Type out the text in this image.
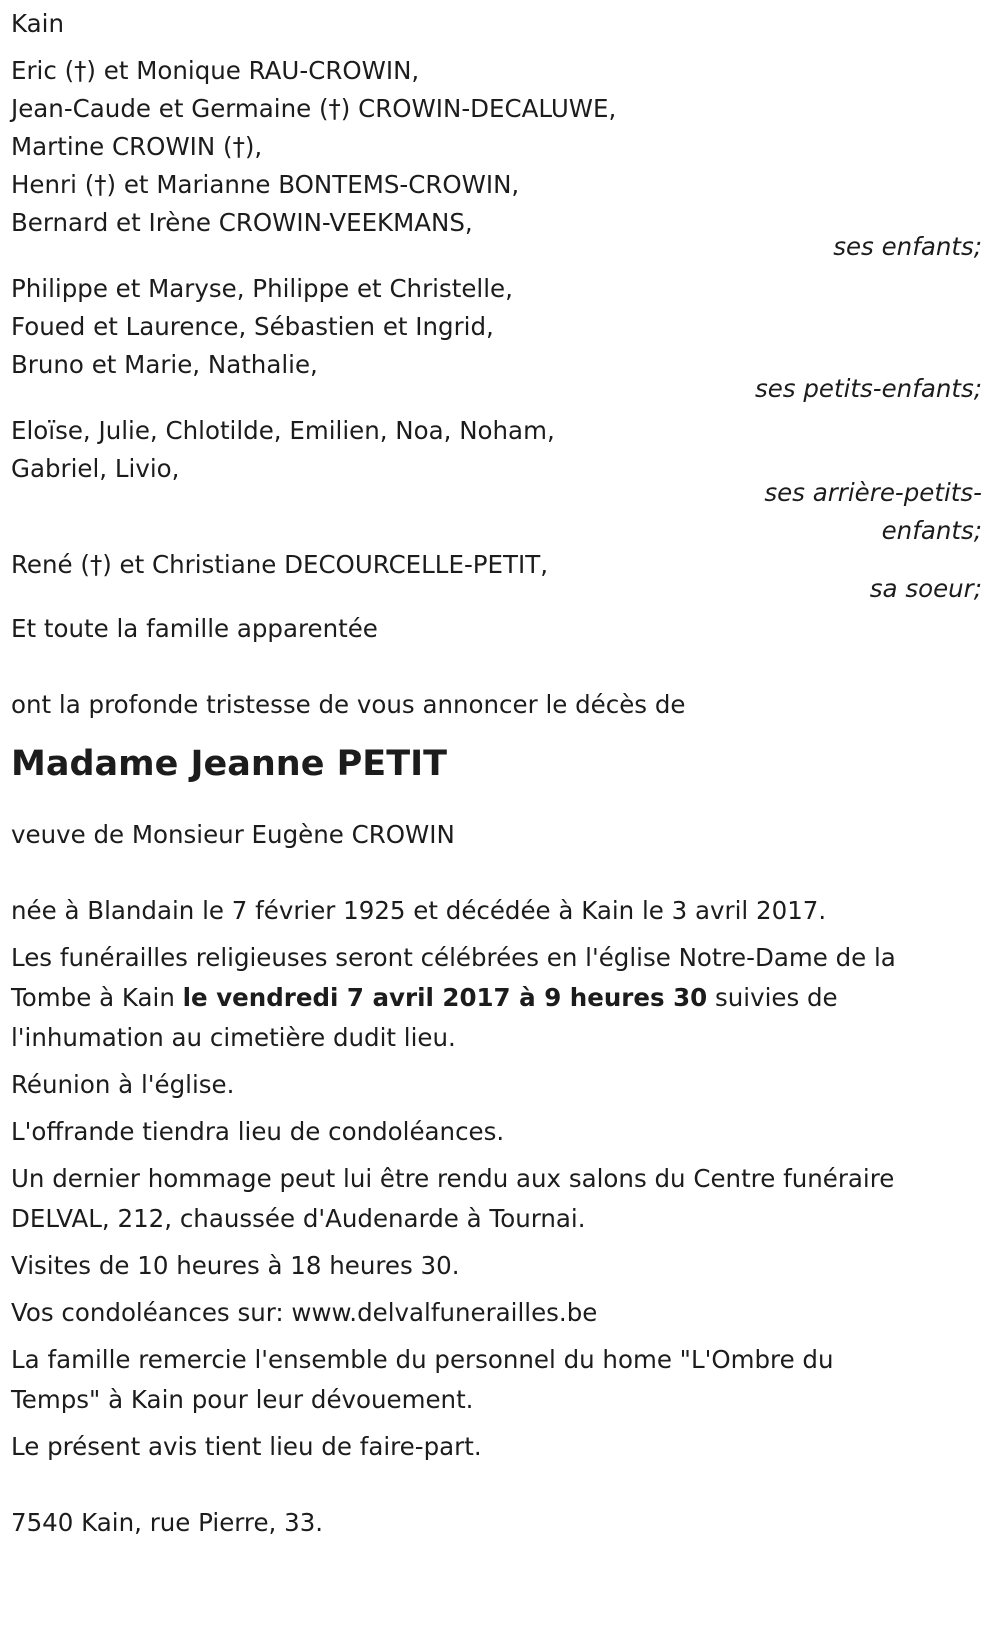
Kain
Eric (†) et Monique RAU-CROWIN,
Jean-Caude et Germaine (†) CROWIN-DECALUWE,
Martine CROWIN (†),
Henri (†) et Marianne BONTEMS-CROWIN,
Bernard et Irène CROWIN-VEEKMANS,
ses enfants;
Philippe et Maryse, Philippe et Christelle,
Foued et Laurence, Sébastien et Ingrid,
Bruno et Marie, Nathalie,
ses petits-enfants;
Eloïse, Julie, Chlotilde, Emilien, Noa, Noham,
Gabriel, Livio,
ses arrière-petits-
enfants;
René (†) et Christiane DECOURCELLE-PETIT,
sa soeur;
Et toute la famille apparentée
ont la profonde tristesse de vous annoncer le décès de
Madame Jeanne PETIT
veuve de Monsieur Eugène CROWIN
née à Blandain le 7 février 1925 et décédée à Kain le 3 avril 2017.
Les funérailles religieuses seront célébrées en l'église Notre-Dame de la Tombe à Kain le vendredi 7 avril 2017 à 9 heures 30 suivies de l'inhumation au cimetière dudit lieu.
Réunion à l'église.
L'offrande tiendra lieu de condoléances.
Un dernier hommage peut lui être rendu aux salons du Centre funéraire DELVAL, 212, chaussée d'Audenarde à Tournai.
Visites de 10 heures à 18 heures 30.
Vos condoléances sur: www.delvalfunerailles.be
La famille remercie l'ensemble du personnel du home "L'Ombre du Temps" à Kain pour leur dévouement.
Le présent avis tient lieu de faire-part.
7540 Kain, rue Pierre, 33.
